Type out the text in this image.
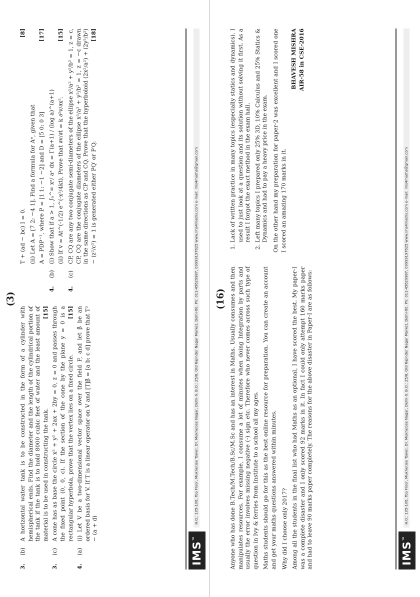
(3)
3.
(b)
A horizontal water tank is to be constructed in the form of a cylinder with hemispherical ends. Find the diameter and the length of the cylindrical portion of the tank if the tank is to hold 8000 cubic feet of water and the least amount of material is to be used in constructing the tank.
[15]
3.
(c)
A cone has as base the circle x² + y² + 2ax + 2by = 0, z = 0 and passes through the fixed point (0, 0, c). If the section of the cone by the plane y = 0 is a rectangular hyperbola, prove that the vertex lies on a fixed circle.
[15]
4.
(a)
(i) Let V be a two-dimensional vector space over the field F, and let β be an ordered basis for V. If T is a linear operator on V and [T]β = [a b; c d] prove that T² − (a + d)
T + (ad − bc) I = 0.
[8]
(ii) Let A = [7 2; −4 1]. Find a formula for Aⁿ, given that A = PDP⁻¹, where P = [1 1; −1 −2] and D = [5 0; 0 3]
[17]
4.
(b)
(i) Show that if a > 1, ∫₀^∞ xᵃ/ aˣ dx = Γ(a+1) / (log a)^(a+1) (ii) If v = At^(-1/2) e^(-x²/4kt), Prove that ∂v/∂t = k ∂²v/∂x².
[15]
4.
(c)
CP, CQ are any two conjugate semi-diameters of the ellipse x²/a² + y²/b² = 1, z = c, CP, CQ are the conjugate diameters of the ellipse x²/a² + y²/b² = 1, z = −c drawn in the same directions as CP and CQ. Prove that the hyperboloid (2x²/a²) + (2y²/b²) − (z²/c²) = 1 is generated either PQ′ or P′Q.
[18]
IMS™
H.O.: 105-106, Top Floor, Mukherjee Tower, Dr. Mukherjee Nagar, Delhi-9. B.O.: 25/8, Old Rajinder Nagar Market, Delhi-60. Ph: 011-45629987, 09999197625 www.ims4maths.com e-mail: ims4maths@gmail.com (16) Anyone who has done B.Tech/M.Tech/B.Sc/M.Sc and has an interest in Maths. Usually consumes and then manipulates resources. For example, I consume a lot of minutes when doing Integration by parts and usually the error involves missing negative (-) sign etc. Therefore who never comes across such type of question in Ivy & ferries from Institute to a school all my ages. Maths students should go for this as the best online resource for preparation. You can create an account and get your maths questions answered within minutes. Why did I choose only 2017? Among all the students in the final list who had Maths as an optional, I have scored the best. My paper-I was a complete disaster and I only scored 92 marks in it. In fact I could only attempt 160 marks paper and had to leave 90 marks paper completely. The reasons for the above disaster in Paper-I are as follows:

1. Lack of written practice in many topics (especially statics and dynamics). I used to just look at a question and its solution without solving it first. As a result I forgot the exact method in the exam hall. 2. Left many topics I prepared only 25% 3D, 10% Calculus and 25% Statics & Dynamics and had to pay a heavy price in the exam. On the other hand my preparation for paper-2 was excellent and I scored one I scored an amazing 170 marks in it.

BHAVESH MISHRA AIR-58 in CSE-2016
IMS™
H.O.: 105-106, Top Floor, Mukherjee Tower, Dr. Mukherjee Nagar, Delhi-9. B.O.: 25/8, Old Rajinder Nagar Market, Delhi-60. Ph: 011-45629987, 09999197625 www.ims4maths.com e-mail: ims4maths@gmail.com
